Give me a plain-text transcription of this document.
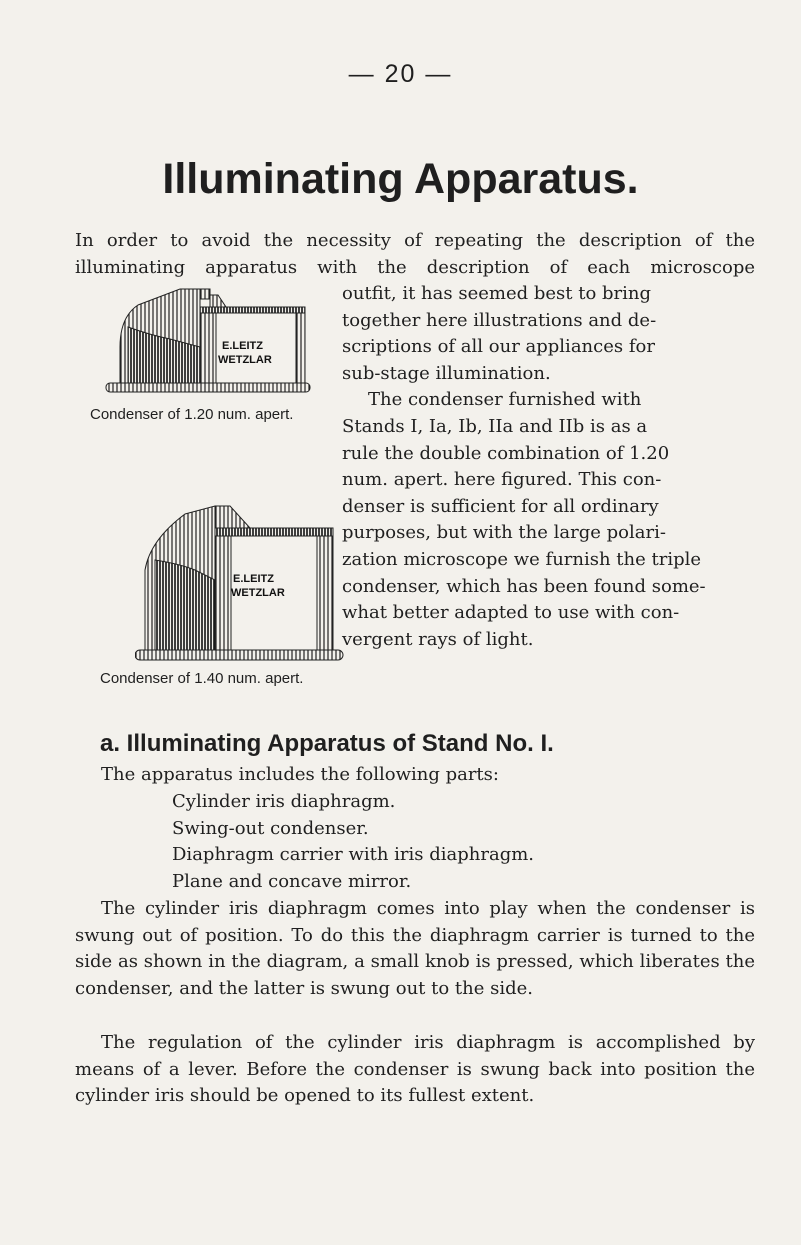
— 20 —
Illuminating Apparatus.

In order to avoid the necessity of repeating the description of the illuminating apparatus with the description of each microscope

outfit, it has seemed best to bring
together here illustrations and de-
scriptions of all our appliances for
sub-stage illumination.
The condenser furnished with
Stands I, Ia, Ib, IIa and IIb is as a
rule the double combination of 1.20
num. apert. here figured. This con-
denser is sufficient for all ordinary
purposes, but with the large polari-
zation microscope we furnish the triple
condenser, which has been found some-
what better adapted to use with con-
vergent rays of light.

E.LEITZ
WETZLAR
Condenser of 1.20 num. apert.
E.LEITZ
WETZLAR
Condenser of 1.40 num. apert.
a. Illuminating Apparatus of Stand No. I.

The apparatus includes the following parts:

Cylinder iris diaphragm.
Swing-out condenser.
Diaphragm carrier with iris diaphragm.
Plane and concave mirror.

The cylinder iris diaphragm comes into play when the condenser is swung out of position. To do this the diaphragm carrier is turned to the side as shown in the diagram, a small knob is pressed, which liberates the condenser, and the latter is swung out to the side.

The regulation of the cylinder iris diaphragm is accomplished by means of a lever. Before the condenser is swung back into position the cylinder iris should be opened to its fullest extent.
